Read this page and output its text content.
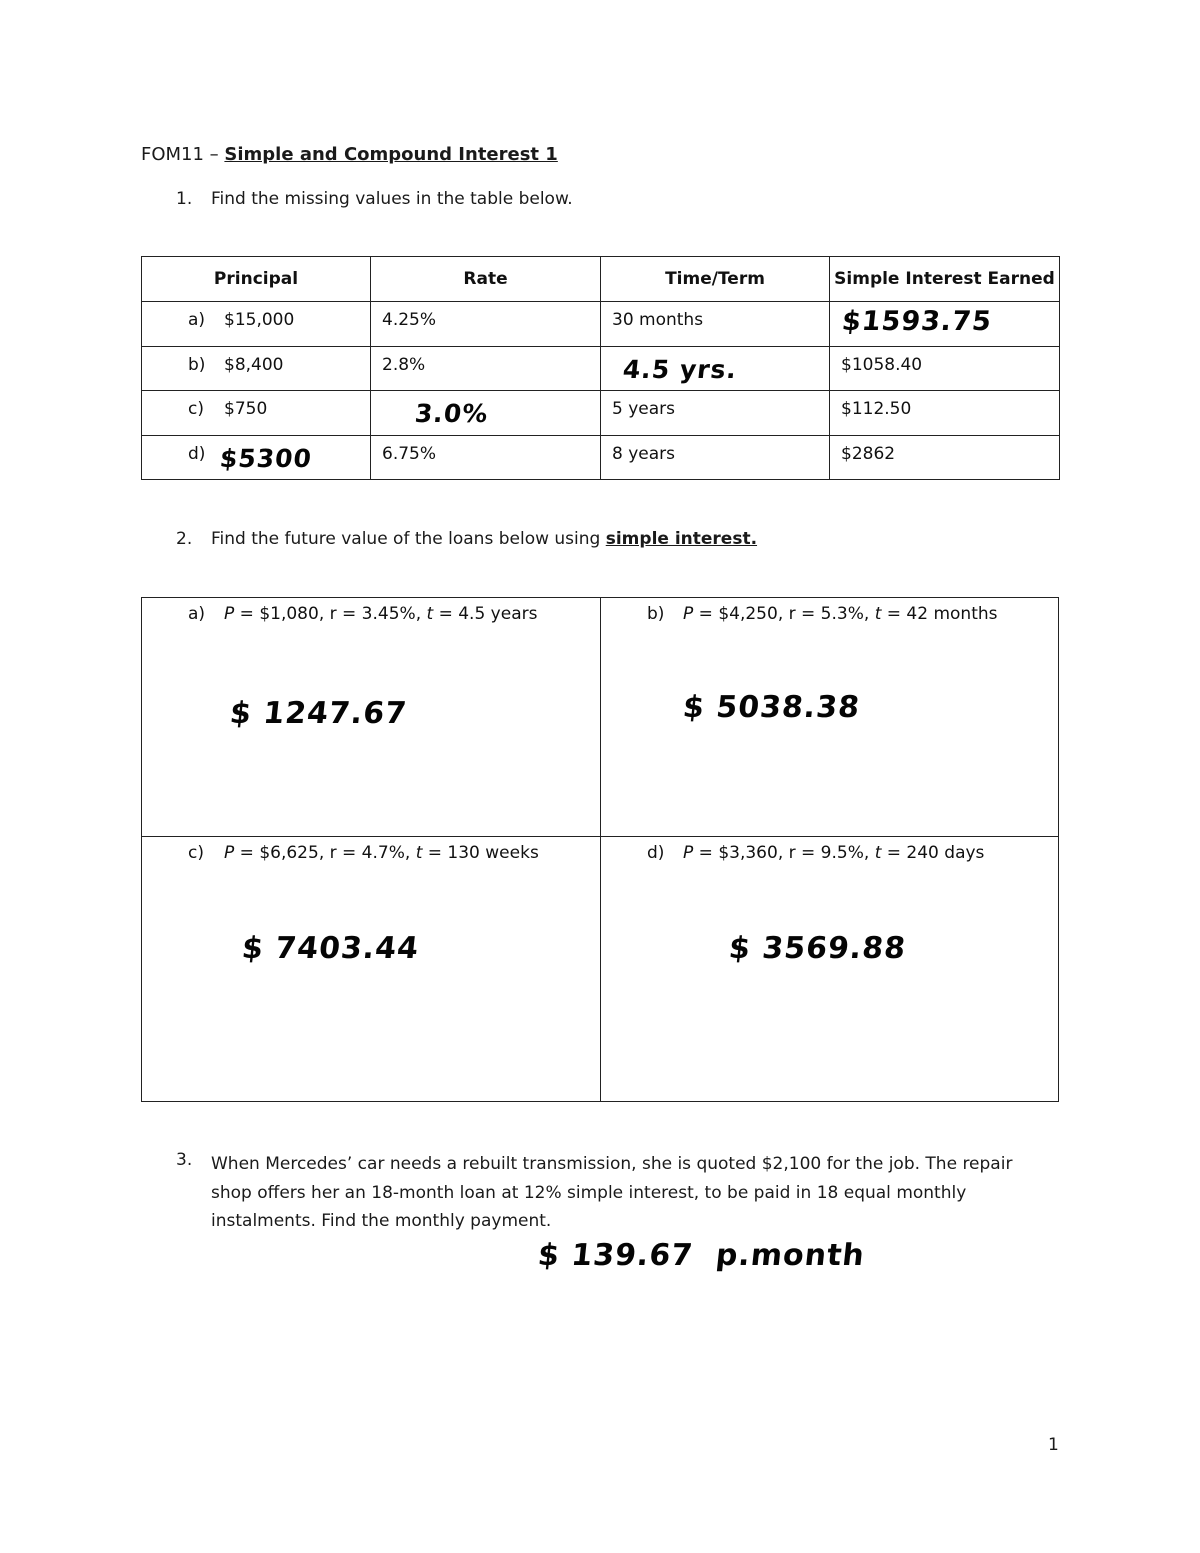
FOM11 – Simple and Compound Interest 1
1. Find the missing values in the table below.
Principal	Rate	Time/Term	Simple Interest Earned

a) $15,000	4.25%	30 months	$1593.75

b) $8,400	2.8%	4.5 yrs.	$1058.40

c) $750	3.0%	5 years	$112.50

d) $5300	6.75%	8 years	$2862
2. Find the future value of the loans below using simple interest.
a) P = $1,080, r = 3.45%, t = 4.5 years
$ 1247.67	b) P = $4,250, r = 5.3%, t = 42 months
$ 5038.38

c) P = $6,625, r = 4.7%, t = 130 weeks
$ 7403.44	d) P = $3,360, r = 9.5%, t = 240 days
$ 3569.88
3. When Mercedes’ car needs a rebuilt transmission, she is quoted $2,100 for the job. The repair
shop offers her an 18-month loan at 12% simple interest, to be paid in 18 equal monthly
instalments. Find the monthly payment.
$ 139.67  p.month
1
